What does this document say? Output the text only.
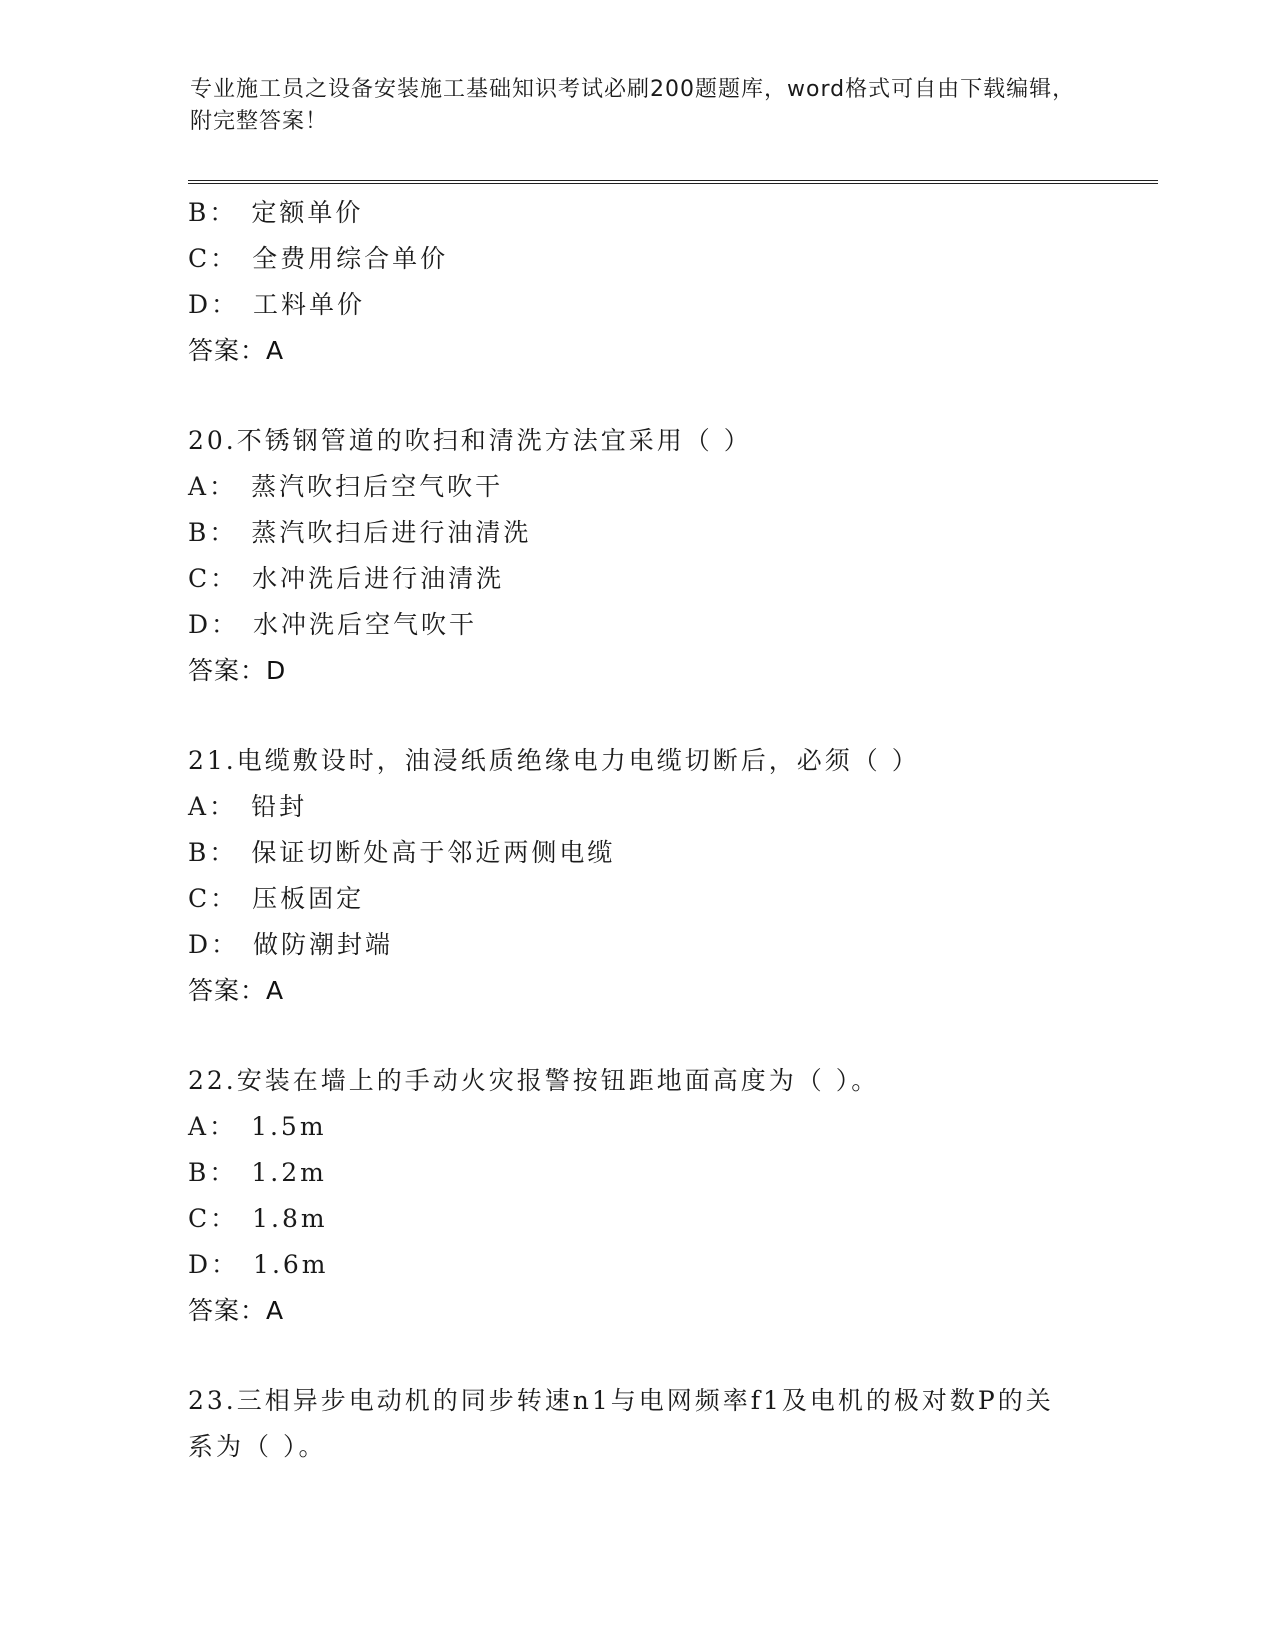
专业施工员之设备安装施工基础知识考试必刷200题题库，word格式可自由下载编辑，附完整答案！
B： 定额单价
C： 全费用综合单价
D： 工料单价
答案：A
20.不锈钢管道的吹扫和清洗方法宜采用（ ）
A： 蒸汽吹扫后空气吹干
B： 蒸汽吹扫后进行油清洗
C： 水冲洗后进行油清洗
D： 水冲洗后空气吹干
答案：D
21.电缆敷设时，油浸纸质绝缘电力电缆切断后，必须（ ）
A： 铅封
B： 保证切断处高于邻近两侧电缆
C： 压板固定
D： 做防潮封端
答案：A
22.安装在墙上的手动火灾报警按钮距地面高度为（ ）。
A： 1.5m
B： 1.2m
C： 1.8m
D： 1.6m
答案：A
23.三相异步电动机的同步转速n1与电网频率f1及电机的极对数P的关系为（ ）。
